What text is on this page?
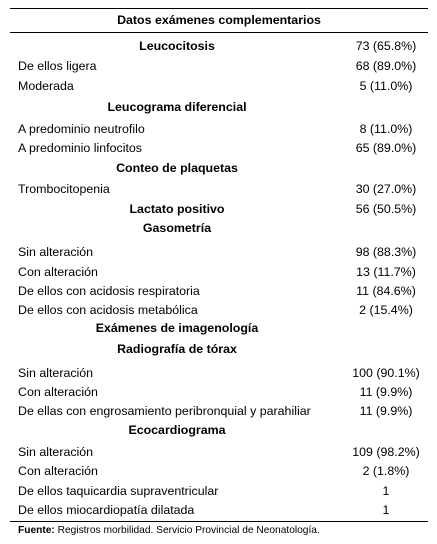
Datos exámenes complementarios
Leucocitosis	73 (65.8%)
De ellos ligera	68 (89.0%)
Moderada	5 (11.0%)
Leucograma diferencial
A predominio neutrofilo	8 (11.0%)
A predominio linfocitos	65 (89.0%)
Conteo de plaquetas
Trombocitopenia	30 (27.0%)
Lactato positivo	56 (50.5%)
Gasometría
Sin alteración	98 (88.3%)
Con alteración	13 (11.7%)
De ellos con acidosis respiratoria	11 (84.6%)
De ellos con acidosis metabólica	2 (15.4%)
Exámenes de imagenología
Radiografía de tórax
Sin alteración	100 (90.1%)
Con alteración	11 (9.9%)
De ellas con engrosamiento peribronquial y parahiliar	11 (9.9%)
Ecocardiograma
Sin alteración	109 (98.2%)
Con alteración	2 (1.8%)
De ellos taquicardia supraventricular	1
De ellos miocardiopatía dilatada	1
Fuente: Registros morbilidad. Servicio Provincial de Neonatología.
